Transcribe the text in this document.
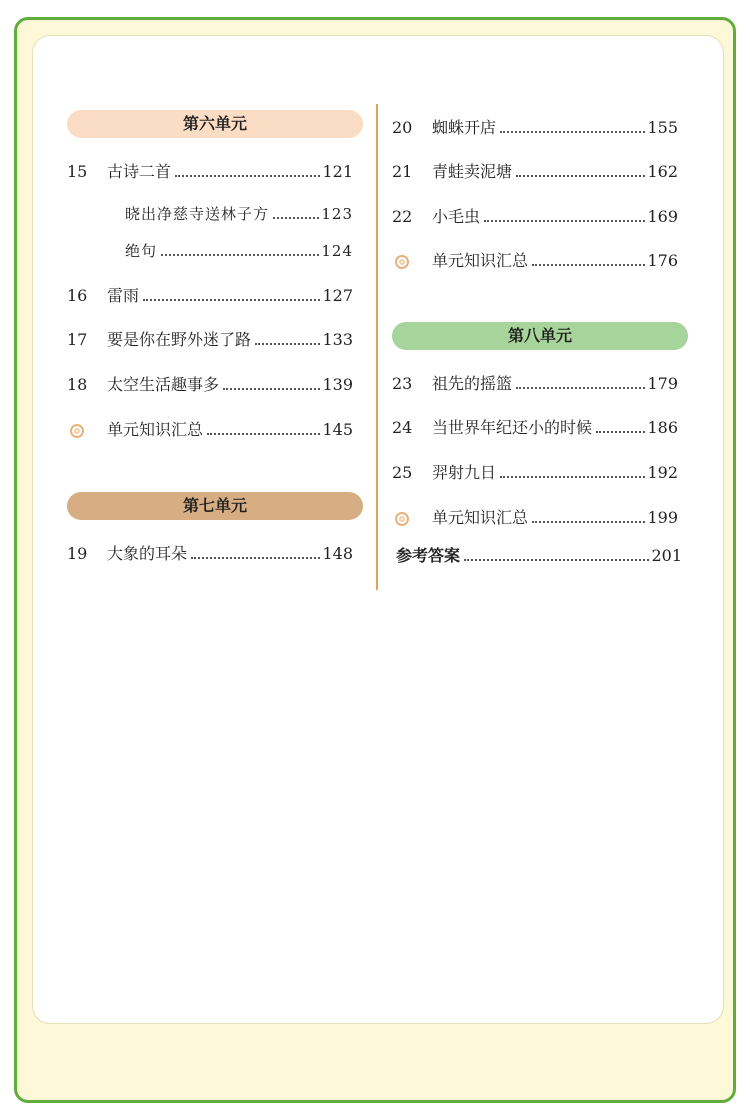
第六单元
15	古诗二首	121
晓出净慈寺送林子方	123
绝句	124
16	雷雨	127
17	要是你在野外迷了路	133
18	太空生活趣事多	139
单元知识汇总	145
第七单元
19	大象的耳朵	148
20	蜘蛛开店	155
21	青蛙卖泥塘	162
22	小毛虫	169
单元知识汇总	176
第八单元
23	祖先的摇篮	179
24	当世界年纪还小的时候	186
25	羿射九日	192
单元知识汇总	199
参考答案	201
